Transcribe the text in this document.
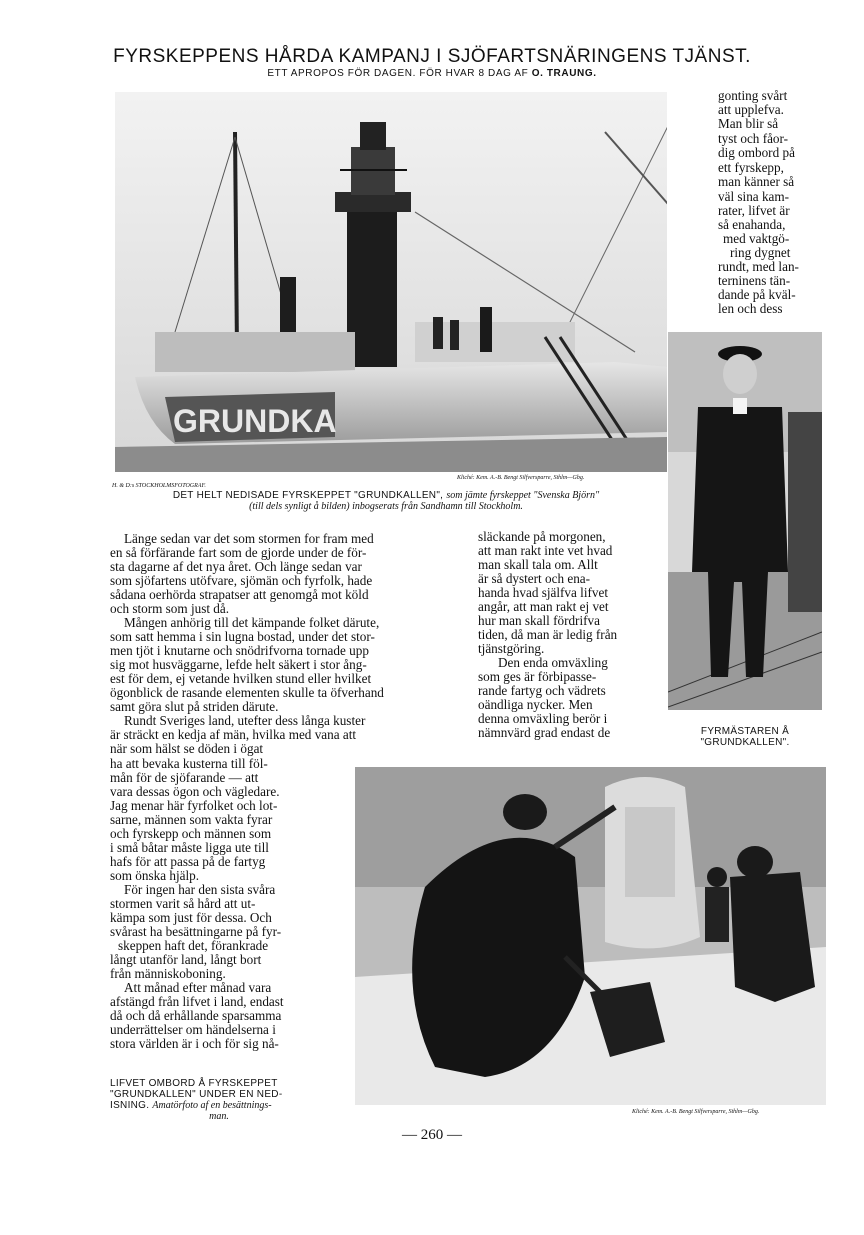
FYRSKEPPENS HÅRDA KAMPANJ I SJÖFARTSNÄRINGENS TJÄNST.
ETT APROPOS FÖR DAGEN. FÖR HVAR 8 DAG AF O. TRAUNG.
GRUNDKA
H. & D:s STOCKHOLMSFOTOGRAF.
Kliché: Kem. A.-B. Bengt Silfversparre, Sthlm—Gbg.
DET HELT NEDISADE FYRSKEPPET "GRUNDKALLEN", som jämte fyrskeppet "Svenska Björn"
(till dels synligt å bilden) inbogserats från Sandhamn till Stockholm.
gonting svårt
att upplefva.
Man blir så
tyst och fåor-
dig ombord på
ett fyrskepp,
man känner så
väl sina kam-
rater, lifvet är
så enahanda,
med vaktgö-
ring dygnet
rundt, med lan-
terninens tän-
dande på kväl-
len och dess
FYRMÄSTAREN Å
"GRUNDKALLEN".
Länge sedan var det som stormen for fram med
en så förfärande fart som de gjorde under de för-
sta dagarne af det nya året. Och länge sedan var
som sjöfartens utöfvare, sjömän och fyrfolk, hade
sådana oerhörda strapatser att genomgå mot köld
och storm som just då.
Mången anhörig till det kämpande folket därute,
som satt hemma i sin lugna bostad, under det stor-
men tjöt i knutarne och snödrifvorna tornade upp
sig mot husväggarne, lefde helt säkert i stor ång-
est för dem, ej vetande hvilken stund eller hvilket
ögonblick de rasande elementen skulle ta öfverhand
samt göra slut på striden därute.
Rundt Sveriges land, utefter dess långa kuster
är sträckt en kedja af män, hvilka med vana att
när som hälst se döden i ögat
släckande på morgonen,
att man rakt inte vet hvad
man skall tala om. Allt
är så dystert och ena-
handa hvad själfva lifvet
angår, att man rakt ej vet
hur man skall fördrifva
tiden, då man är ledig från
tjänstgöring.
Den enda omväxling
som ges är förbipasse-
rande fartyg och vädrets
oändliga nycker. Men
denna omväxling berör i
nämnvärd grad endast de
ha att bevaka kusterna till föl-
mån för de sjöfarande — att
vara dessas ögon och vägledare.
Jag menar här fyrfolket och lot-
sarne, männen som vakta fyrar
och fyrskepp och männen som
i små båtar måste ligga ute till
hafs för att passa på de fartyg
som önska hjälp.
För ingen har den sista svåra
stormen varit så hård att ut-
kämpa som just för dessa. Och
svårast ha besättningarne på fyr-
skeppen haft det, förankrade
långt utanför land, långt bort
från människoboning.
Att månad efter månad vara
afstängd från lifvet i land, endast
då och då erhållande sparsamma
underrättelser om händelserna i
stora världen är i och för sig nå-
Kliché: Kem. A.-B. Bengt Silfversparre, Sthlm—Gbg.
LIFVET OMBORD Å FYRSKEPPET
"GRUNDKALLEN" UNDER EN NED-
ISNING. Amatörfoto af en besättnings-
man.
— 260 —
